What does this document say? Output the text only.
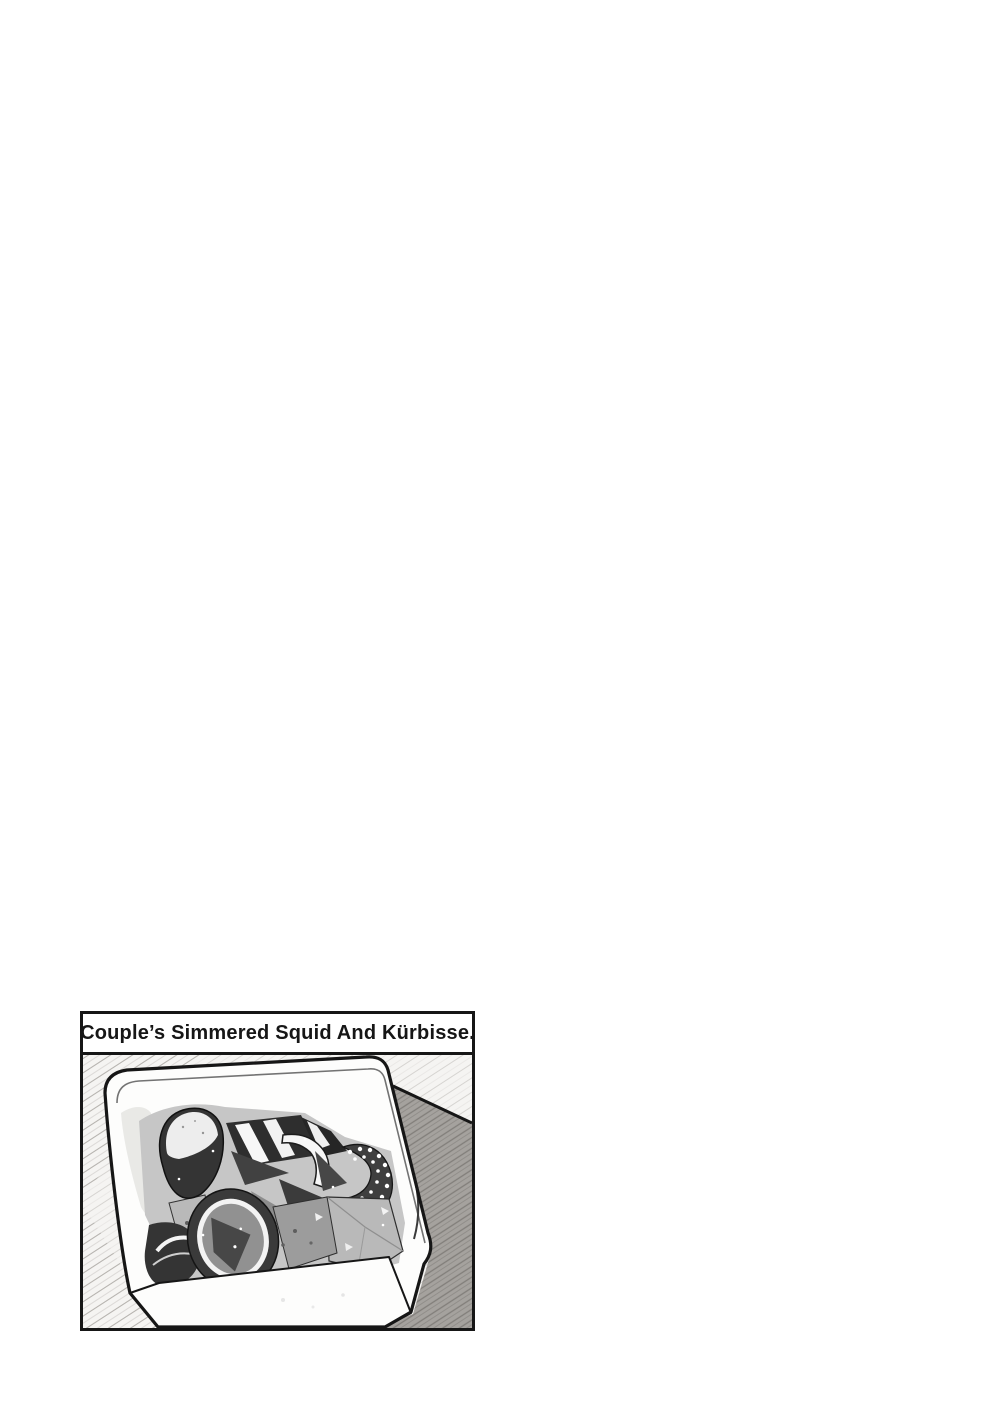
Couple’s Simmered Squid And Kürbisse.
